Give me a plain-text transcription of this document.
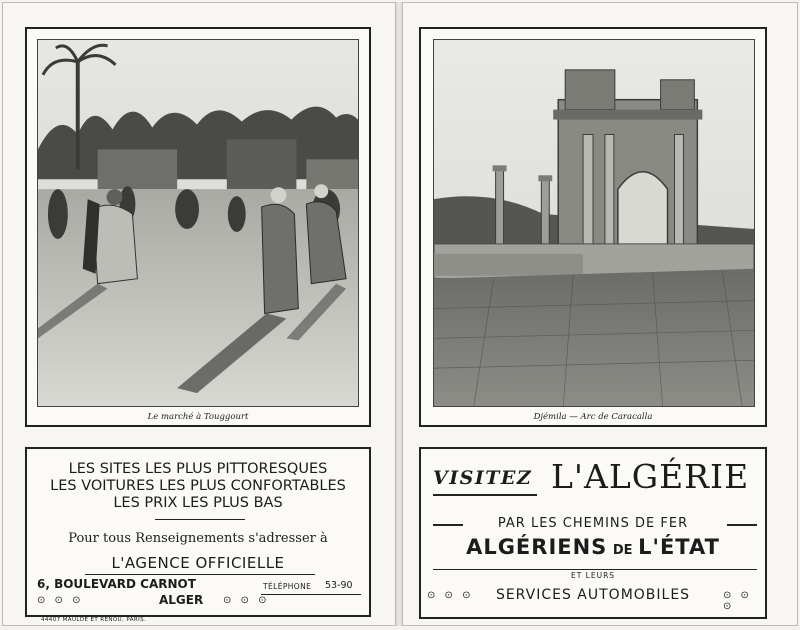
Le marché à Touggourt
LES SITES LES PLUS PITTORESQUES
LES VOITURES LES PLUS CONFORTABLES
LES PRIX LES PLUS BAS
Pour tous Renseignements s'adresser à
L'AGENCE OFFICIELLE
6, BOULEVARD CARNOT	TÉLÉPHONE 53-90
⊙ ⊙ ⊙	ALGER ⊙ ⊙ ⊙
44407 MAULDE ET RENOU, PARIS.
Djémila — Arc de Caracalla
VISITEZ L'ALGÉRIE
PAR LES CHEMINS DE FER
ALGÉRIENS DE L'ÉTAT
ET LEURS
⊙ ⊙ ⊙	SERVICES AUTOMOBILES	⊙ ⊙ ⊙
